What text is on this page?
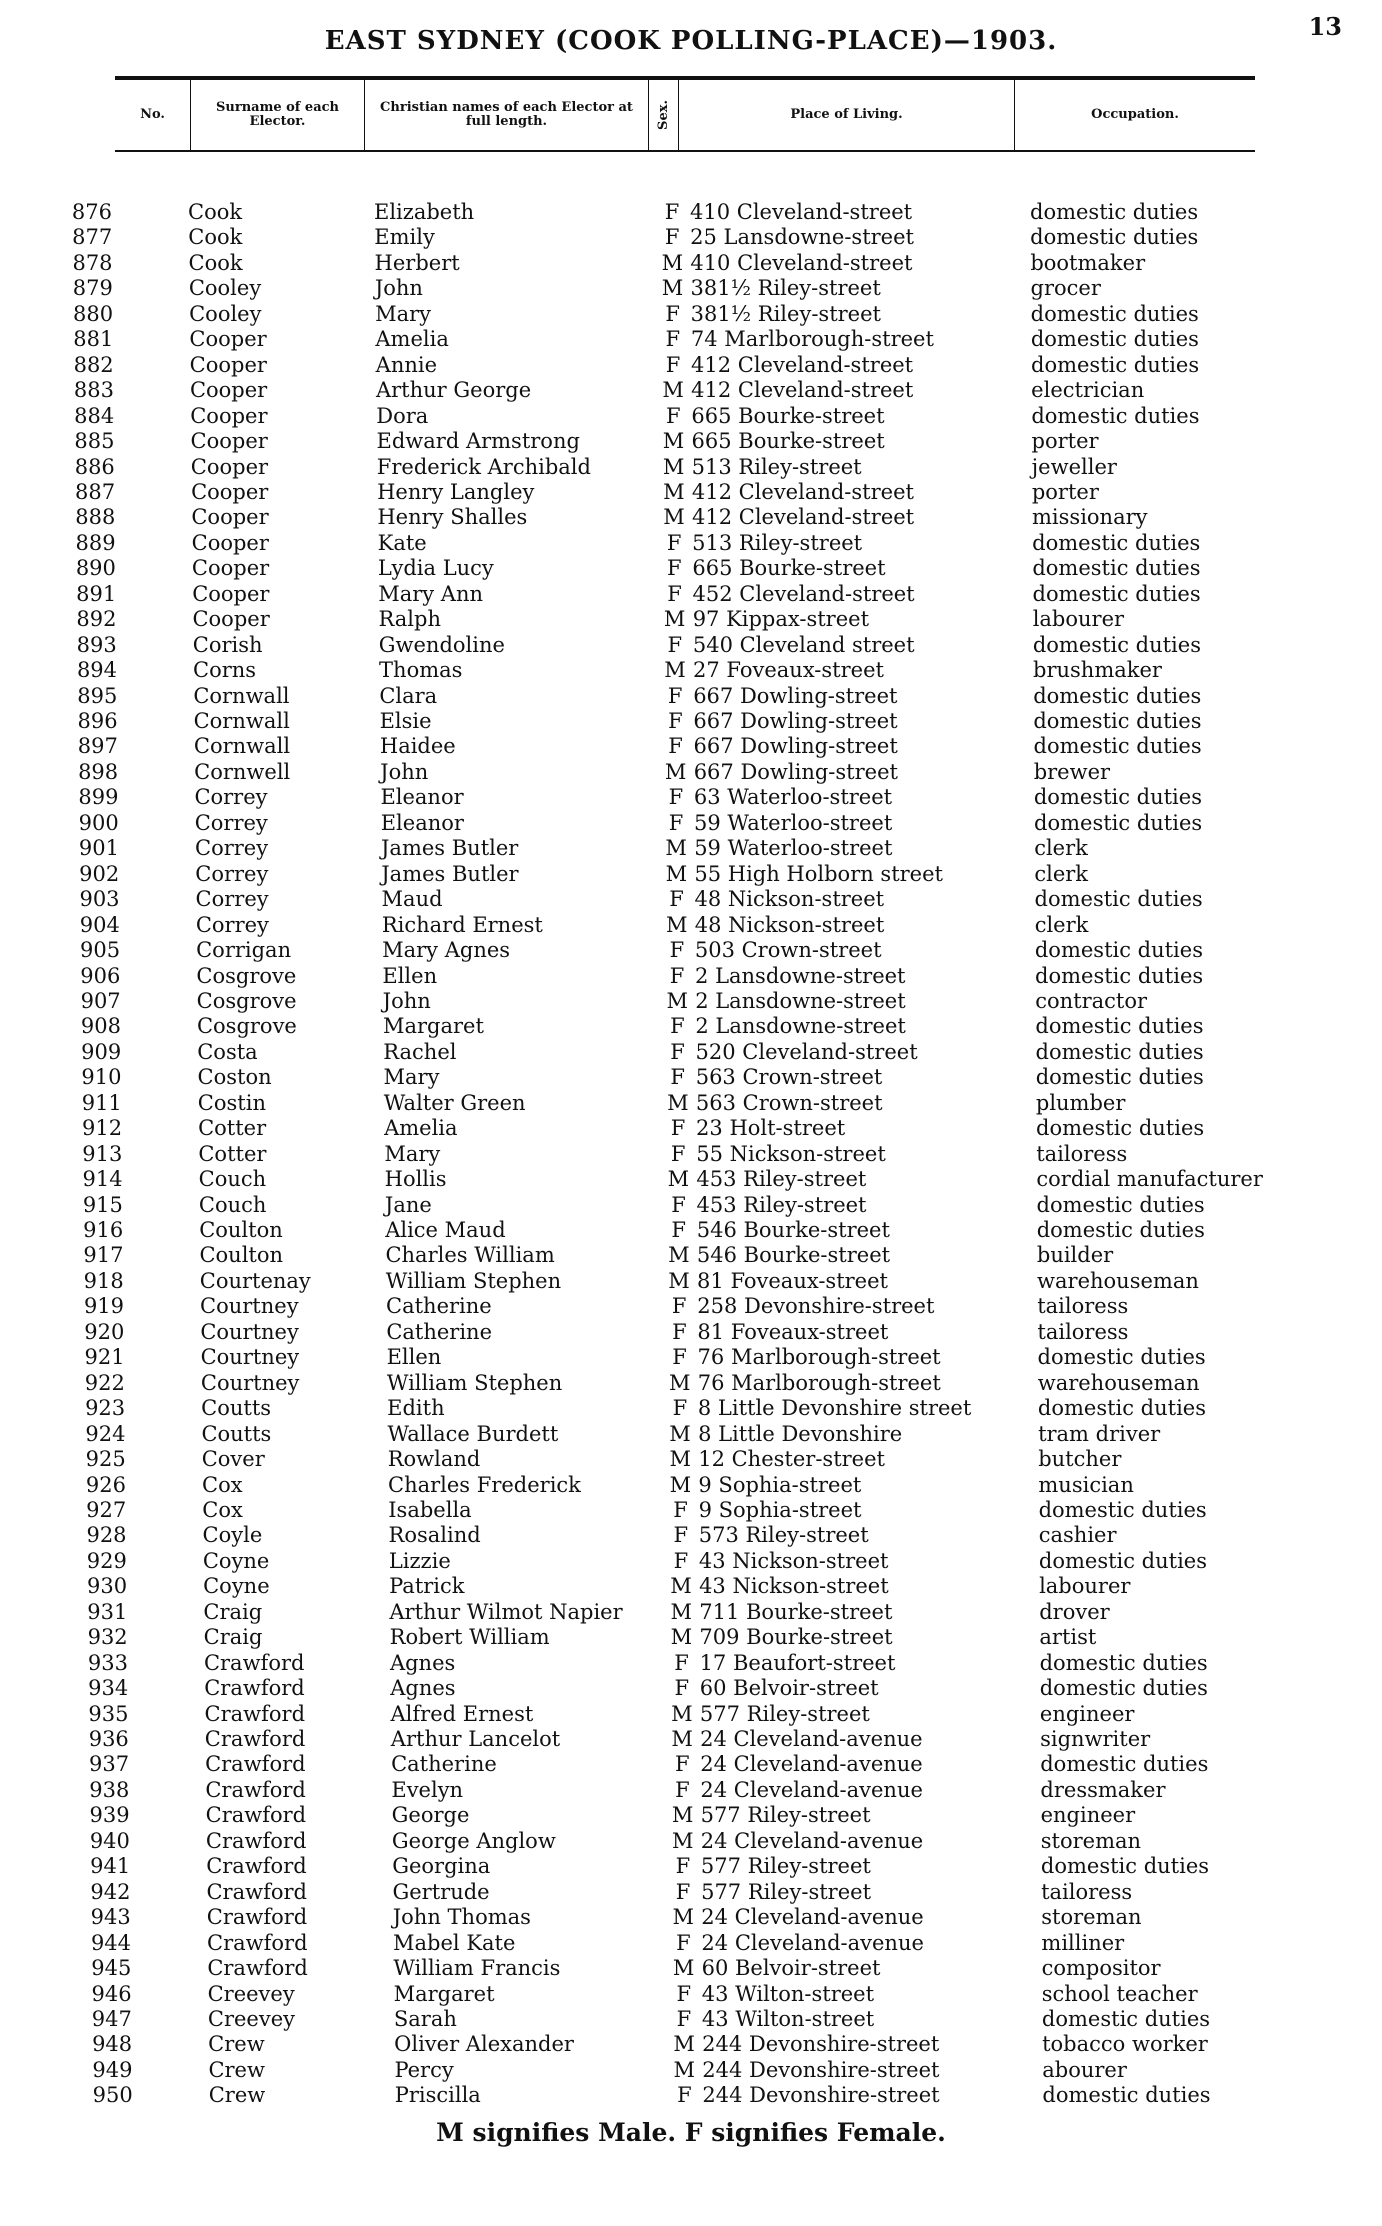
EAST SYDNEY (COOK POLLING-PLACE)—1903.	13
No.	Surname of each Elector.
Christian names of each Elector at full length.	Sex.	Place of Living.	Occupation.
876	Cook	Elizabeth	F 410 Cleveland-street	domestic duties
877	Cook	Emily	F 25 Lansdowne-street	domestic duties
878	Cook	Herbert	M 410 Cleveland-street	bootmaker
879	Cooley	John	M 381½ Riley-street	grocer
880	Cooley	Mary	F 381½ Riley-street	domestic duties
881	Cooper	Amelia	F 74 Marlborough-street	domestic duties
882	Cooper	Annie	F 412 Cleveland-street	domestic duties
883	Cooper	Arthur George	M 412 Cleveland-street	electrician
884	Cooper	Dora	F 665 Bourke-street	domestic duties
885	Cooper	Edward Armstrong	M 665 Bourke-street	porter
886	Cooper	Frederick Archibald	M 513 Riley-street	jeweller
887	Cooper	Henry Langley	M 412 Cleveland-street	porter
888	Cooper	Henry Shalles	M 412 Cleveland-street	missionary
889	Cooper	Kate	F 513 Riley-street	domestic duties
890	Cooper	Lydia Lucy	F 665 Bourke-street	domestic duties
891	Cooper	Mary Ann	F 452 Cleveland-street	domestic duties
892	Cooper	Ralph	M 97 Kippax-street	labourer
893	Corish	Gwendoline	F 540 Cleveland street	domestic duties
894	Corns	Thomas	M 27 Foveaux-street	brushmaker
895	Cornwall	Clara	F 667 Dowling-street	domestic duties
896	Cornwall	Elsie	F 667 Dowling-street	domestic duties
897	Cornwall	Haidee	F 667 Dowling-street	domestic duties
898	Cornwell	John	M 667 Dowling-street	brewer
899	Correy	Eleanor	F 63 Waterloo-street	domestic duties
900	Correy	Eleanor	F 59 Waterloo-street	domestic duties
901	Correy	James Butler	M 59 Waterloo-street	clerk
902	Correy	James Butler	M 55 High Holborn street	clerk
903	Correy	Maud	F 48 Nickson-street	domestic duties
904	Correy	Richard Ernest	M 48 Nickson-street	clerk
905	Corrigan	Mary Agnes	F 503 Crown-street	domestic duties
906	Cosgrove	Ellen	F 2 Lansdowne-street	domestic duties
907	Cosgrove	John	M 2 Lansdowne-street	contractor
908	Cosgrove	Margaret	F 2 Lansdowne-street	domestic duties
909	Costa	Rachel	F 520 Cleveland-street	domestic duties
910	Coston	Mary	F 563 Crown-street	domestic duties
911	Costin	Walter Green	M 563 Crown-street	plumber
912	Cotter	Amelia	F 23 Holt-street	domestic duties
913	Cotter	Mary	F 55 Nickson-street	tailoress
914	Couch	Hollis	M 453 Riley-street	cordial manufacturer
915	Couch	Jane	F 453 Riley-street	domestic duties
916	Coulton	Alice Maud	F 546 Bourke-street	domestic duties
917	Coulton	Charles William	M 546 Bourke-street	builder
918	Courtenay	William Stephen	M 81 Foveaux-street	warehouseman
919	Courtney	Catherine	F 258 Devonshire-street	tailoress
920	Courtney	Catherine	F 81 Foveaux-street	tailoress
921	Courtney	Ellen	F 76 Marlborough-street	domestic duties
922	Courtney	William Stephen	M 76 Marlborough-street	warehouseman
923	Coutts	Edith	F 8 Little Devonshire street	domestic duties
924	Coutts	Wallace Burdett	M 8 Little Devonshire	tram driver
925	Cover	Rowland	M 12 Chester-street	butcher
926	Cox	Charles Frederick	M 9 Sophia-street	musician
927	Cox	Isabella	F 9 Sophia-street	domestic duties
928	Coyle	Rosalind	F 573 Riley-street	cashier
929	Coyne	Lizzie	F 43 Nickson-street	domestic duties
930	Coyne	Patrick	M 43 Nickson-street	labourer
931	Craig	Arthur Wilmot Napier	M 711 Bourke-street	drover
932	Craig	Robert William	M 709 Bourke-street	artist
933	Crawford	Agnes	F 17 Beaufort-street	domestic duties
934	Crawford	Agnes	F 60 Belvoir-street	domestic duties
935	Crawford	Alfred Ernest	M 577 Riley-street	engineer
936	Crawford	Arthur Lancelot	M 24 Cleveland-avenue	signwriter
937	Crawford	Catherine	F 24 Cleveland-avenue	domestic duties
938	Crawford	Evelyn	F 24 Cleveland-avenue	dressmaker
939	Crawford	George	M 577 Riley-street	engineer
940	Crawford	George Anglow	M 24 Cleveland-avenue	storeman
941	Crawford	Georgina	F 577 Riley-street	domestic duties
942	Crawford	Gertrude	F 577 Riley-street	tailoress
943	Crawford	John Thomas	M 24 Cleveland-avenue	storeman
944	Crawford	Mabel Kate	F 24 Cleveland-avenue	milliner
945	Crawford	William Francis	M 60 Belvoir-street	compositor
946	Creevey	Margaret	F 43 Wilton-street	school teacher
947	Creevey	Sarah	F 43 Wilton-street	domestic duties
948	Crew	Oliver Alexander	M 244 Devonshire-street	tobacco worker
949	Crew	Percy	M 244 Devonshire-street	abourer
950	Crew	Priscilla	F 244 Devonshire-street	domestic duties
M signifies Male. F signifies Female.
